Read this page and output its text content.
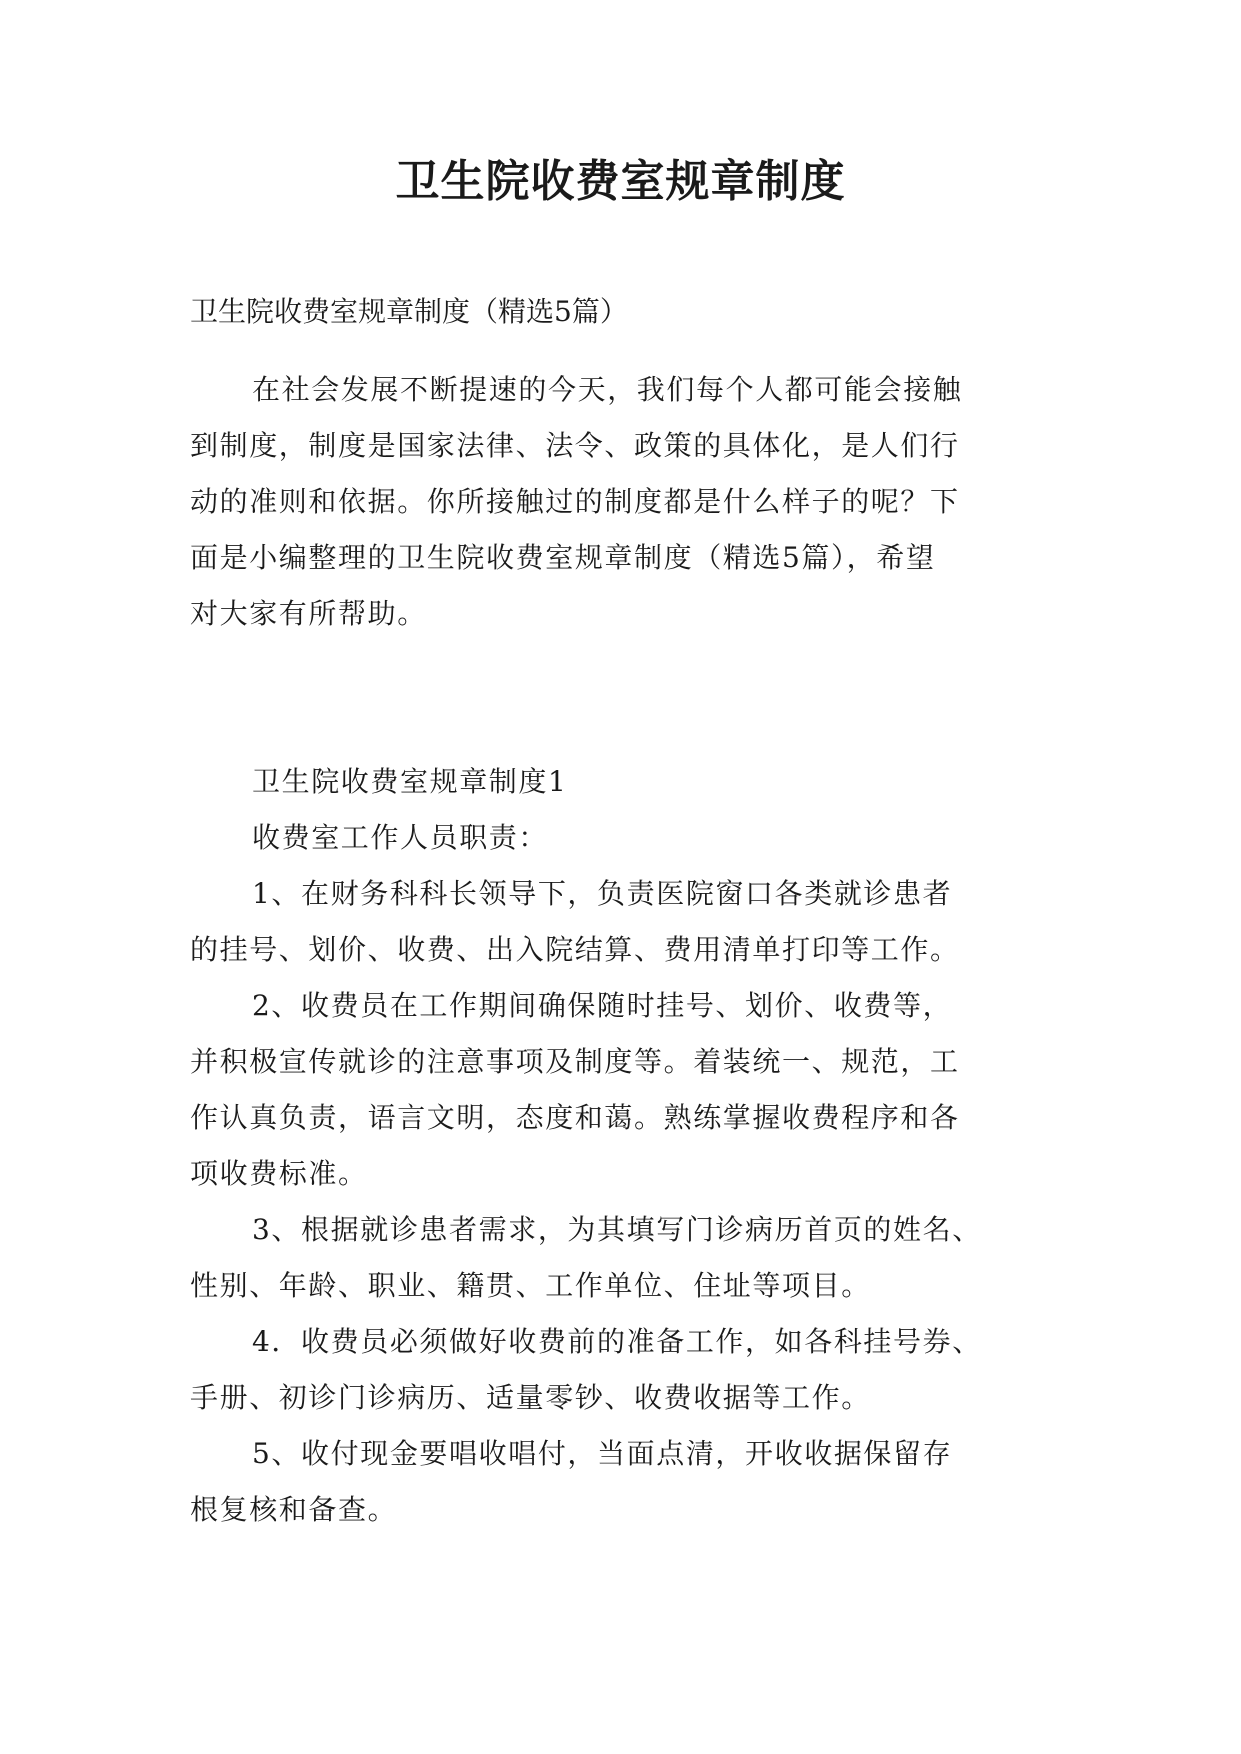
卫生院收费室规章制度
卫生院收费室规章制度（精选5篇）
在社会发展不断提速的今天，我们每个人都可能会接触
到制度，制度是国家法律、法令、政策的具体化，是人们行
动的准则和依据。你所接触过的制度都是什么样子的呢？下
面是小编整理的卫生院收费室规章制度（精选5篇），希望
对大家有所帮助。
卫生院收费室规章制度1
收费室工作人员职责：
1、在财务科科长领导下，负责医院窗口各类就诊患者
的挂号、划价、收费、出入院结算、费用清单打印等工作。
2、收费员在工作期间确保随时挂号、划价、收费等，
并积极宣传就诊的注意事项及制度等。着装统一、规范，工
作认真负责，语言文明，态度和蔼。熟练掌握收费程序和各
项收费标准。
3、根据就诊患者需求，为其填写门诊病历首页的姓名、
性别、年龄、职业、籍贯、工作单位、住址等项目。
4．收费员必须做好收费前的准备工作，如各科挂号券、
手册、初诊门诊病历、适量零钞、收费收据等工作。
5、收付现金要唱收唱付，当面点清，开收收据保留存
根复核和备查。
